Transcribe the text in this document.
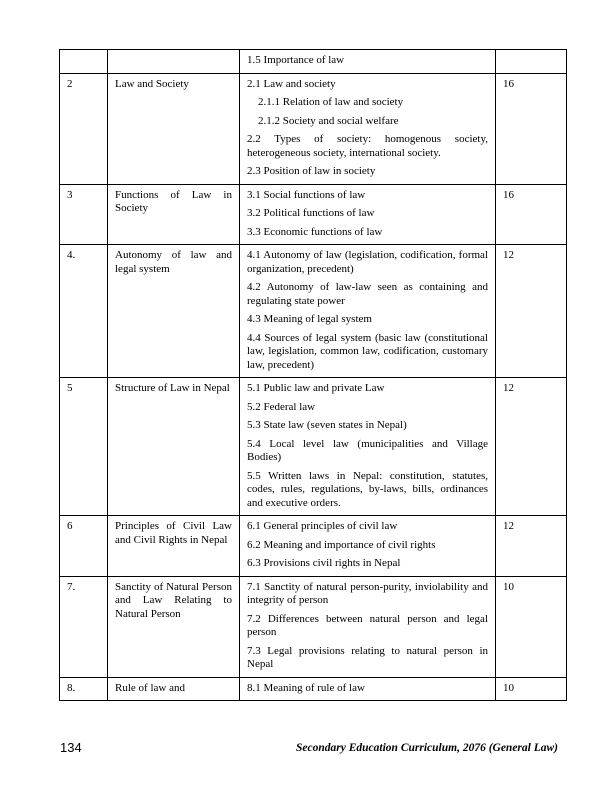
		1.5 Importance of law	

2	Law and Society	2.1 Law and society
2.1.1 Relation of law and society
2.1.2 Society and social welfare
2.2 Types of society: homogenous society, heterogeneous society, international society.
2.3 Position of law in society	16
3	Functions of Law in Society	3.1 Social functions of law
3.2 Political functions of law
3.3 Economic functions of law	16
4.	Autonomy of law and legal system	4.1 Autonomy of law (legislation, codification, formal organization, precedent)
4.2 Autonomy of law-law seen as containing and regulating state power
4.3 Meaning of legal system
4.4 Sources of legal system (basic law (constitutional law, legislation, common law, codification, customary law, precedent)	12
5	Structure of Law in Nepal	5.1 Public law and private Law
5.2 Federal law
5.3 State law (seven states in Nepal)
5.4 Local level law (municipalities and Village Bodies)
5.5 Written laws in Nepal: constitution, statutes, codes, rules, regulations, by-laws, bills, ordinances and executive orders.	12
6	Principles of Civil Law and Civil Rights in Nepal	6.1 General principles of civil law
6.2 Meaning and importance of civil rights
6.3 Provisions civil rights in Nepal	12
7.	Sanctity of Natural Person and Law Relating to Natural Person	7.1 Sanctity of natural person-purity, inviolability and integrity of person
7.2 Differences between natural person and legal person
7.3 Legal provisions relating to natural person in Nepal	10
8.	Rule of law and	8.1 Meaning of rule of law	10
134	Secondary Education Curriculum, 2076 (General Law)
